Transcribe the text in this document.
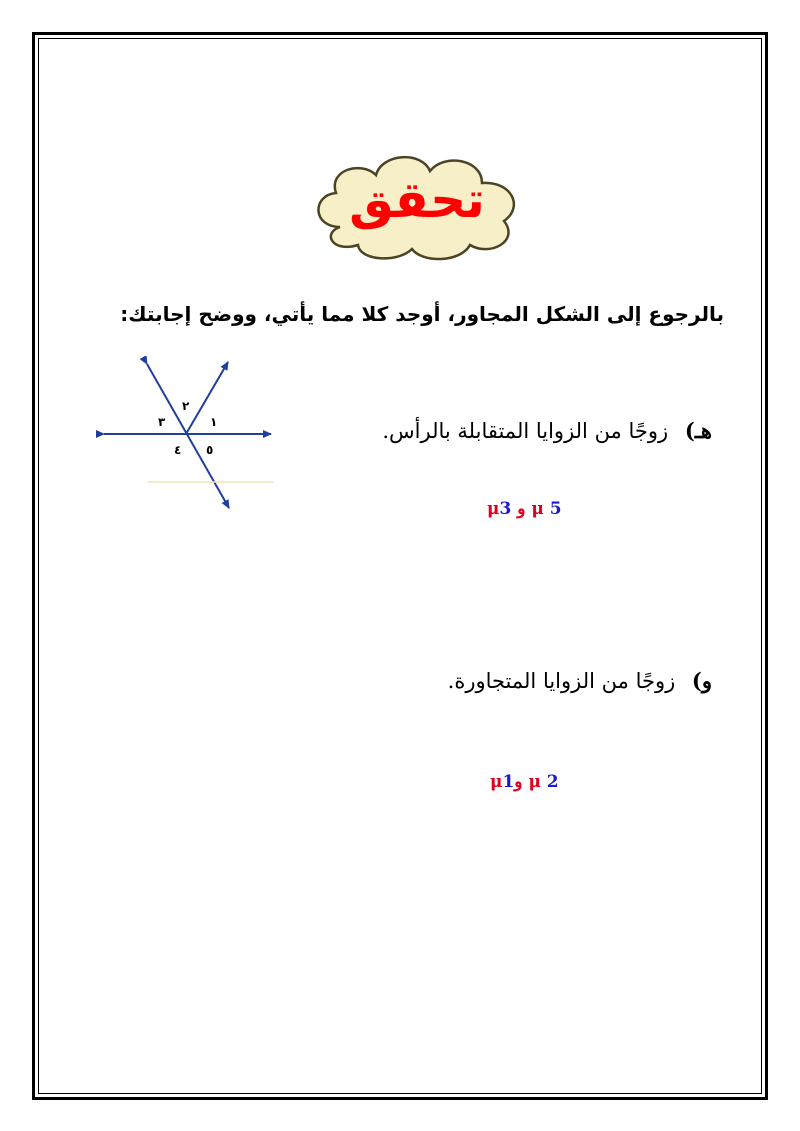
تحقق
بالرجوع إلى الشكل المجاور، أوجد كلا مما يأتي، ووضح إجابتك:
١
٢
٣
٤ ٥
هـ) زوجًا من الزوايا المتقابلة بالرأس.
μ3 و μ 5
و) زوجًا من الزوايا المتجاورة.
μ1و μ 2
